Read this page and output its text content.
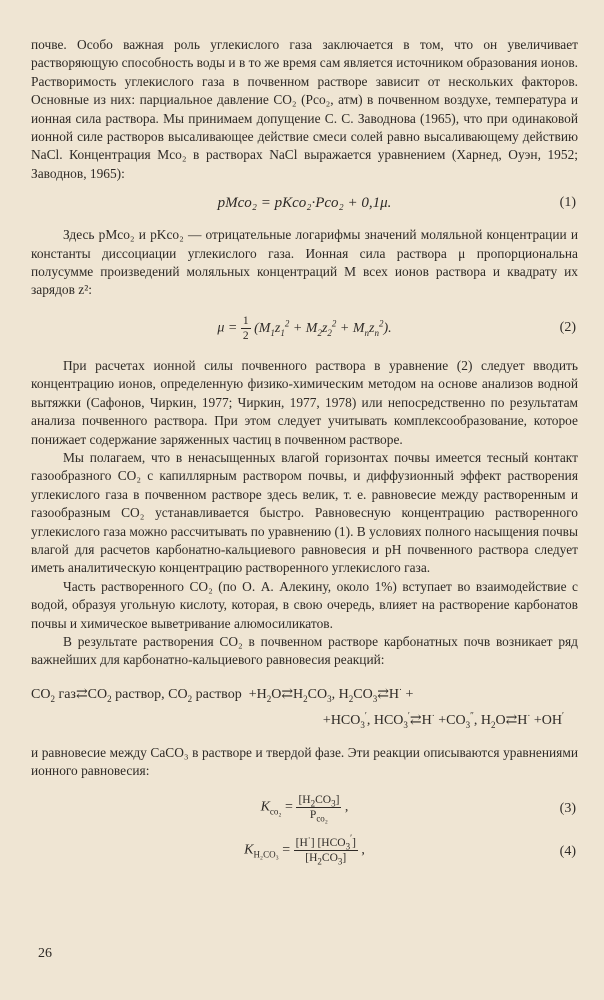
почве. Особо важная роль углекислого газа заключается в том, что он увеличивает растворяющую способность воды и в то же время сам является источником образования ионов. Растворимость углекислого газа в почвенном растворе зависит от нескольких факторов. Основные из них: парциальное давление CO₂ (Pco₂, атм) в почвенном воздухе, температура и ионная сила раствора. Мы принимаем допущение С. С. Заводнова (1965), что при одинаковой ионной силе растворов высаливающее действие смеси солей равно высаливающему действию NaCl. Концентрация Mco₂ в растворах NaCl выражается уравнением (Харнед, Оуэн, 1952; Заводнов, 1965):

pMco₂ = pKco₂·Pco₂ + 0,1μ.	(1)

Здесь pMco₂ и pKco₂ — отрицательные логарифмы значений моляльной концентрации и константы диссоциации углекислого газа. Ионная сила раствора μ пропорциональна полусумме произведений моляльных концентраций M всех ионов раствора и квадрату их зарядов z²:

$\mu = \frac{1}{2} (M_1z_1^2 + M_2z_2^2 + M_nz_n^2)$.	(2)

При расчетах ионной силы почвенного раствора в уравнение (2) следует вводить концентрацию ионов, определенную физико-химическим методом на основе анализов водной вытяжки (Сафонов, Чиркин, 1977; Чиркин, 1977, 1978) или непосредственно по результатам анализа почвенного раствора. При этом следует учитывать комплексообразование, которое понижает содержание заряженных частиц в почвенном растворе.

Мы полагаем, что в ненасыщенных влагой горизонтах почвы имеется тесный контакт газообразного CO₂ с капиллярным раствором почвы, и диффузионный эффект растворения углекислого газа в почвенном растворе здесь велик, т. е. равновесие между растворенным и газообразным CO₂ устанавливается быстро. Равновесную концентрацию растворенного углекислого газа можно рассчитывать по уравнению (1). В условиях полного насыщения почвы влагой для расчетов карбонатно-кальциевого равновесия и pH почвенного раствора следует иметь аналитическую концентрацию растворенного углекислого газа.

Часть растворенного CO₂ (по О. А. Алекину, около 1%) вступает во взаимодействие с водой, образуя угольную кислоту, которая, в свою очередь, влияет на растворение карбонатов почвы и химическое выветривание алюмосиликатов.

В результате растворения CO₂ в почвенном растворе карбонатных почв возникает ряд важнейших для карбонатно-кальциевого равновесия реакций:

$CO_2$ $газ⇄CO_2$ раствор, $CO_2$ раствор  $+H_2O⇄H_2CO_3$, $H_2CO_3⇄H^\cdot$ +
$+HCO_3'$, $HCO_3'⇄H^\cdot +CO_3''$, $H_2O⇄H^\cdot +OH'$

и равновесие между CaCO₃ в растворе и твердой фазе. Эти реакции описываются уравнениями ионного равновесия:

$K_{co_2} = \frac{[H_2CO_3]}{P_{co_2}}$ ,	(3)
$K_{H_2CO_3} = \frac{[H^\cdot] [HCO_3']}{[H_2CO_3]}$ ,	(4)
26
